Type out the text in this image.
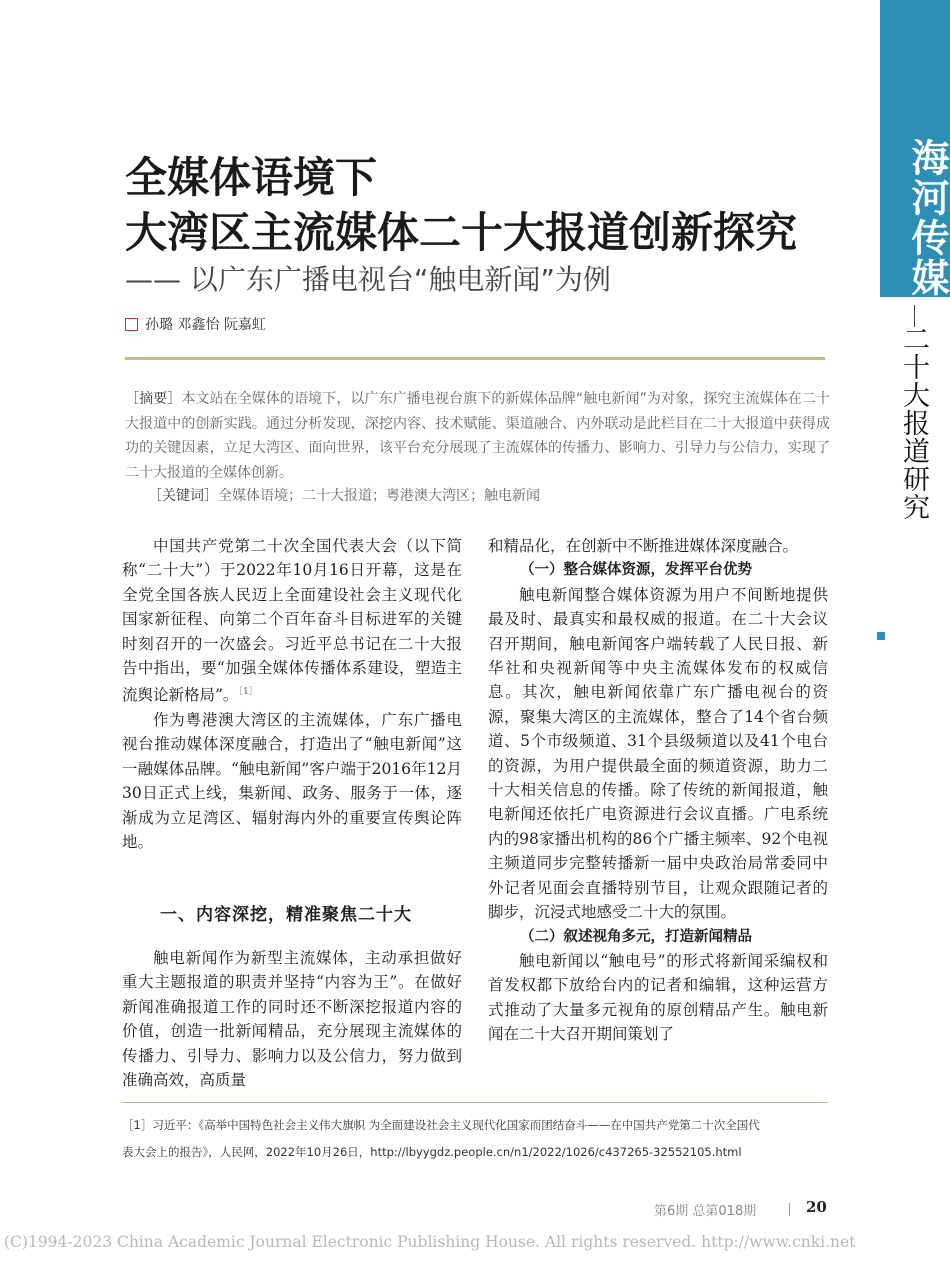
海河传媒
二十大报道研究
全媒体语境下
大湾区主流媒体二十大报道创新探究
—— 以广东广播电视台“触电新闻”为例
孙璐 邓鑫怡 阮嘉虹
［摘要］本文站在全媒体的语境下，以广东广播电视台旗下的新媒体品牌“触电新闻”为对象，探究主流媒体在二十大报道中的创新实践。通过分析发现，深挖内容、技术赋能、渠道融合、内外联动是此栏目在二十大报道中获得成功的关键因素，立足大湾区、面向世界，该平台充分展现了主流媒体的传播力、影响力、引导力与公信力，实现了二十大报道的全媒体创新。
［关键词］全媒体语境；二十大报道；粤港澳大湾区；触电新闻

中国共产党第二十次全国代表大会（以下简称“二十大”）于2022年10月16日开幕，这是在全党全国各族人民迈上全面建设社会主义现代化国家新征程、向第二个百年奋斗目标进军的关键时刻召开的一次盛会。习近平总书记在二十大报告中指出，要“加强全媒体传播体系建设，塑造主流舆论新格局”。$^{[1]}$

作为粤港澳大湾区的主流媒体，广东广播电视台推动媒体深度融合，打造出了“触电新闻”这一融媒体品牌。“触电新闻”客户端于2016年12月30日正式上线，集新闻、政务、服务于一体，逐渐成为立足湾区、辐射海内外的重要宣传舆论阵地。

一、内容深挖，精准聚焦二十大

触电新闻作为新型主流媒体，主动承担做好重大主题报道的职责并坚持“内容为王”。在做好新闻准确报道工作的同时还不断深挖报道内容的价值，创造一批新闻精品，充分展现主流媒体的传播力、引导力、影响力以及公信力，努力做到准确高效，高质量

和精品化，在创新中不断推进媒体深度融合。

（一）整合媒体资源，发挥平台优势

触电新闻整合媒体资源为用户不间断地提供最及时、最真实和最权威的报道。在二十大会议召开期间，触电新闻客户端转载了人民日报、新华社和央视新闻等中央主流媒体发布的权威信息。其次，触电新闻依靠广东广播电视台的资源，聚集大湾区的主流媒体，整合了14个省台频道、5个市级频道、31个县级频道以及41个电台的资源，为用户提供最全面的频道资源，助力二十大相关信息的传播。除了传统的新闻报道，触电新闻还依托广电资源进行会议直播。广电系统内的98家播出机构的86个广播主频率、92个电视主频道同步完整转播新一届中央政治局常委同中外记者见面会直播特别节目，让观众跟随记者的脚步，沉浸式地感受二十大的氛围。

（二）叙述视角多元，打造新闻精品

触电新闻以“触电号”的形式将新闻采编权和首发权都下放给台内的记者和编辑，这种运营方式推动了大量多元视角的原创精品产生。触电新闻在二十大召开期间策划了

［1］习近平：《高举中国特色社会主义伟大旗帜 为全面建设社会主义现代化国家而团结奋斗——在中国共产党第二十次全国代
表大会上的报告》，人民网，2022年10月26日，http://lbyygdz.people.cn/n1/2022/1026/c437265-32552105.html
第6期 总第018期	20
(C)1994-2023 China Academic Journal Electronic Publishing House. All rights reserved. http://www.cnki.net
